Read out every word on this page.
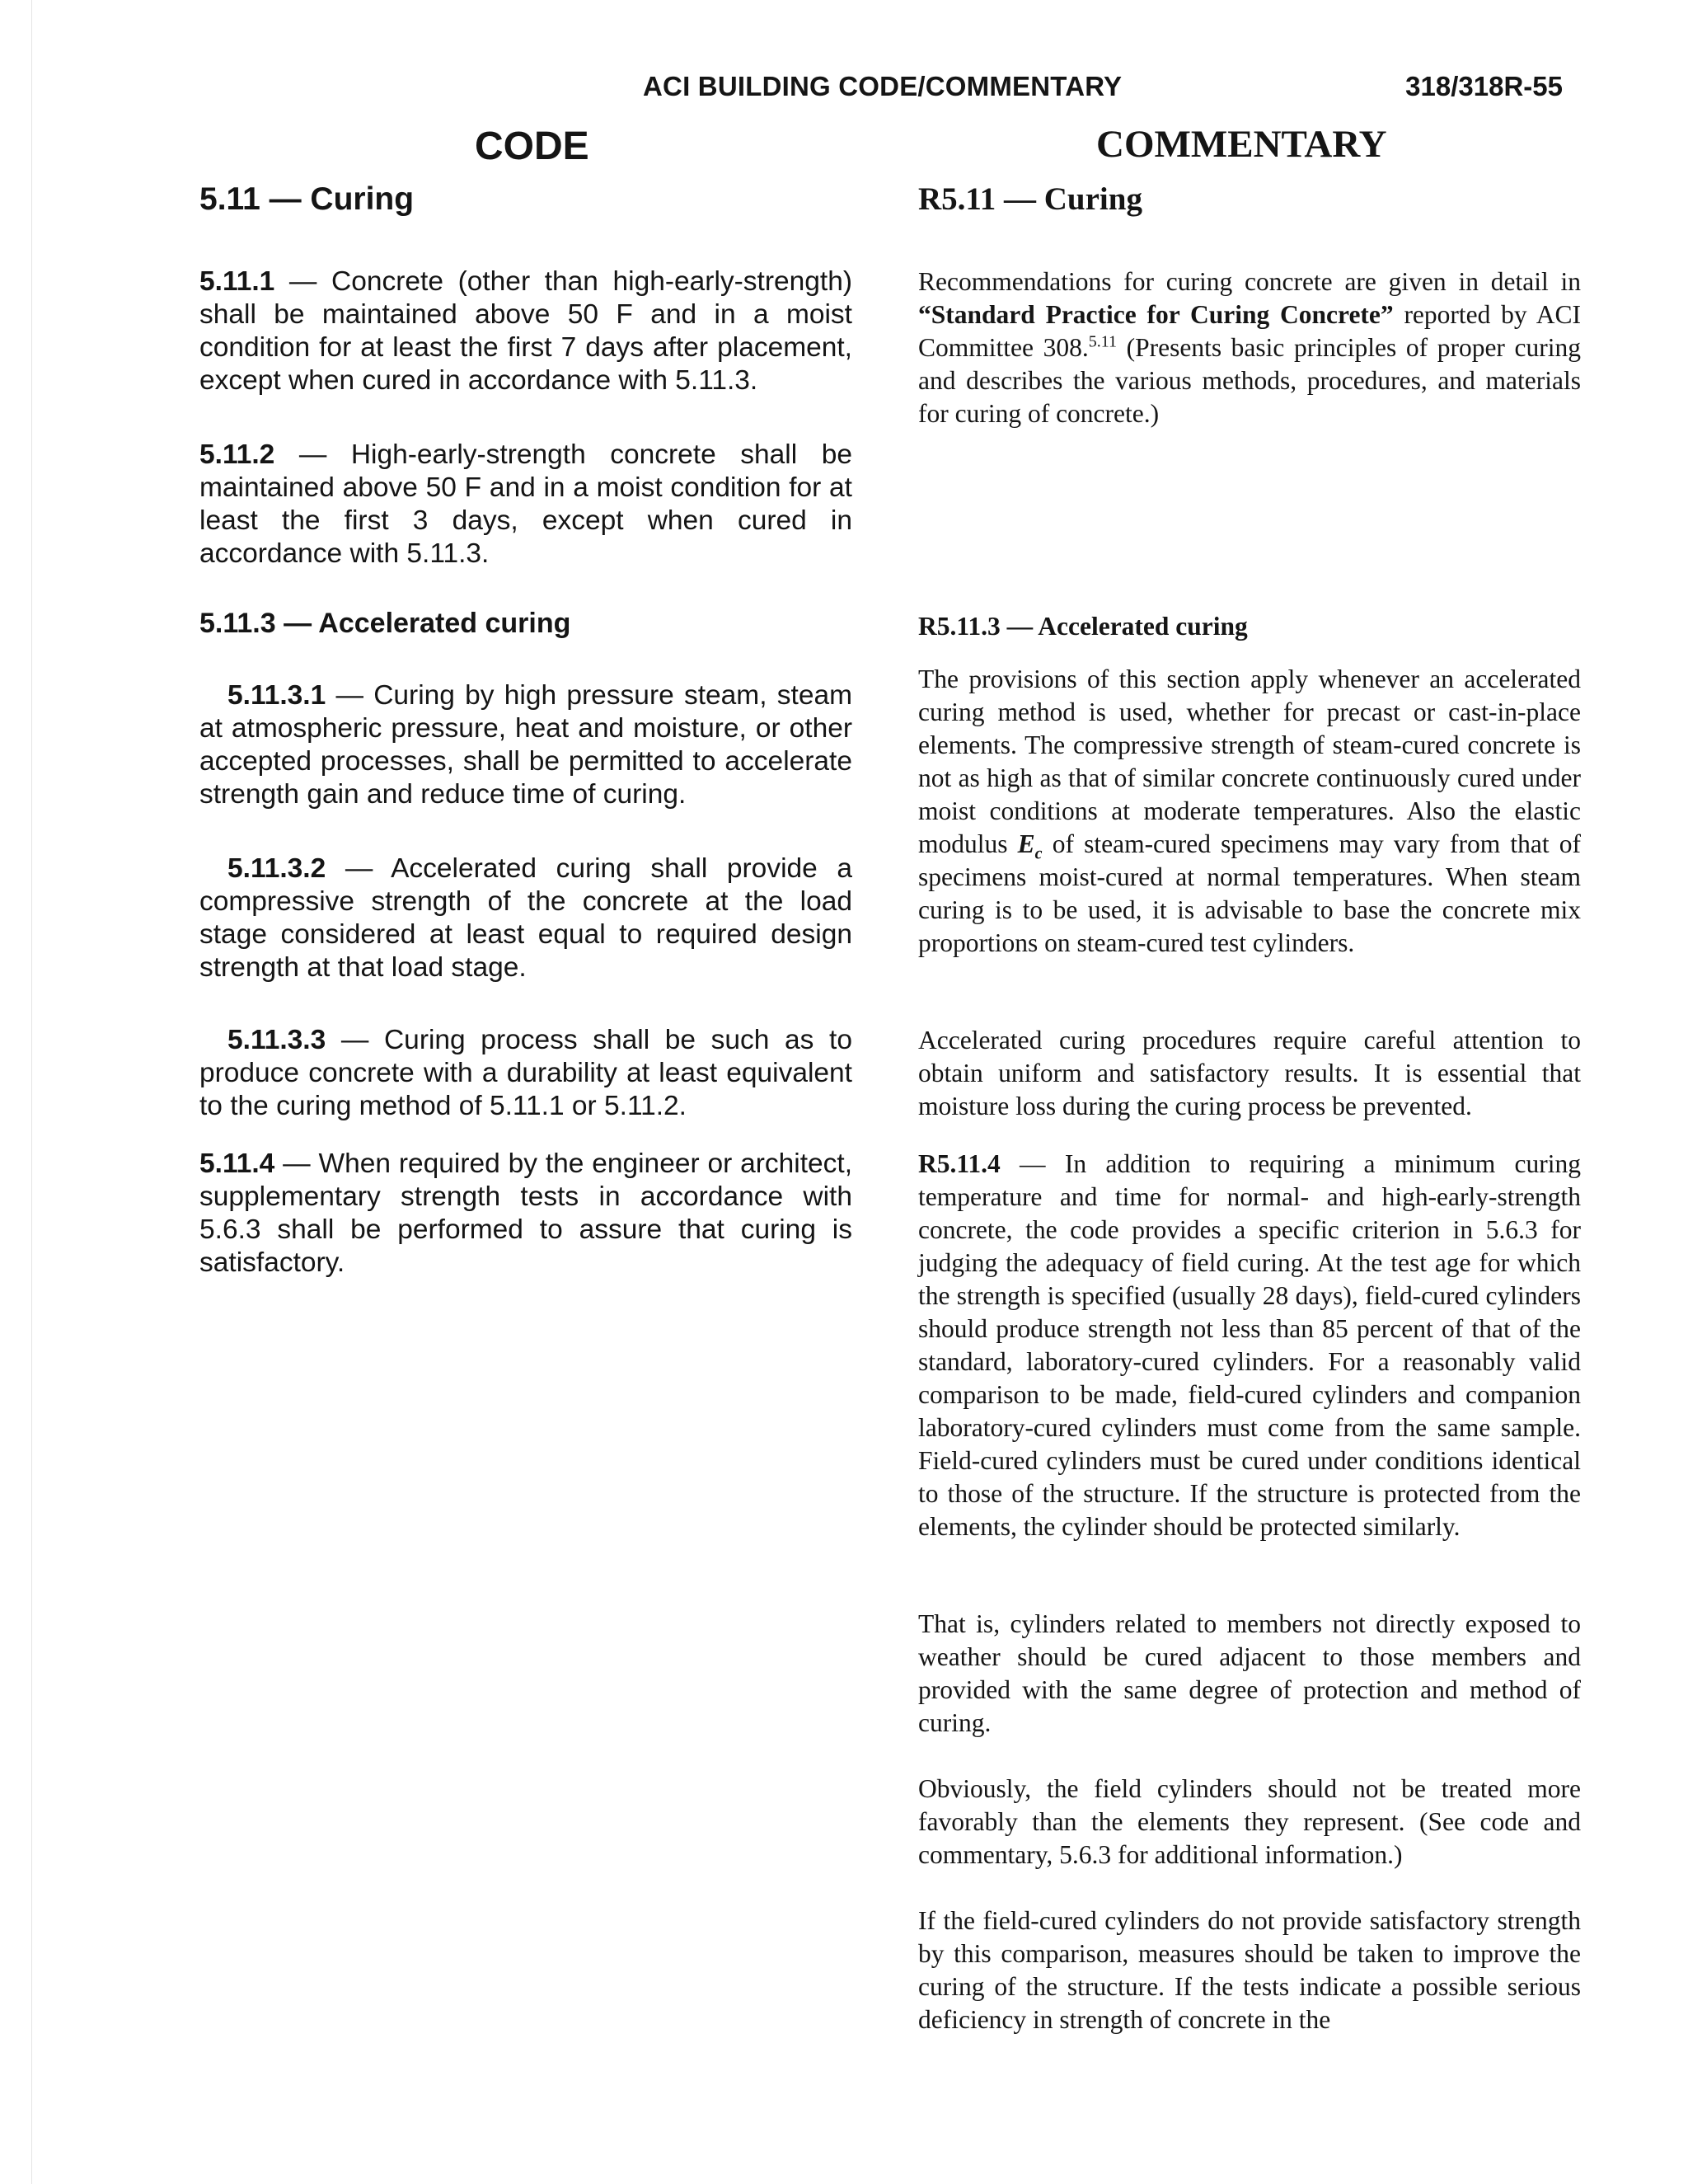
ACI BUILDING CODE/COMMENTARY	318/318R-55
CODE	COMMENTARY
5.11 — Curing

5.11.1 — Concrete (other than high-early-strength) shall be maintained above 50 F and in a moist condition for at least the first 7 days after placement, except when cured in accordance with 5.11.3.

5.11.2 — High-early-strength concrete shall be maintained above 50 F and in a moist condition for at least the first 3 days, except when cured in accordance with 5.11.3.

5.11.3 — Accelerated curing

5.11.3.1 — Curing by high pressure steam, steam at atmospheric pressure, heat and moisture, or other accepted processes, shall be permitted to accelerate strength gain and reduce time of curing.

5.11.3.2 — Accelerated curing shall provide a compressive strength of the concrete at the load stage considered at least equal to required design strength at that load stage.

5.11.3.3 — Curing process shall be such as to produce concrete with a durability at least equivalent to the curing method of 5.11.1 or 5.11.2.

5.11.4 — When required by the engineer or architect, supplementary strength tests in accordance with 5.6.3 shall be performed to assure that curing is satisfactory.

R5.11 — Curing

Recommendations for curing concrete are given in detail in “Standard Practice for Curing Concrete” reported by ACI Committee 308.$^{5.11}$ (Presents basic principles of proper curing and describes the various methods, procedures, and materials for curing of concrete.)

R5.11.3 — Accelerated curing

The provisions of this section apply whenever an accelerated curing method is used, whether for precast or cast-in-place elements. The compressive strength of steam-cured concrete is not as high as that of similar concrete continuously cured under moist conditions at moderate temperatures. Also the elastic modulus $E_c$ of steam-cured specimens may vary from that of specimens moist-cured at normal temperatures. When steam curing is to be used, it is advisable to base the concrete mix proportions on steam-cured test cylinders.

Accelerated curing procedures require careful attention to obtain uniform and satisfactory results. It is essential that moisture loss during the curing process be prevented.

R5.11.4 — In addition to requiring a minimum curing temperature and time for normal- and high-early-strength concrete, the code provides a specific criterion in 5.6.3 for judging the adequacy of field curing. At the test age for which the strength is specified (usually 28 days), field-cured cylinders should produce strength not less than 85 percent of that of the standard, laboratory-cured cylinders. For a reasonably valid comparison to be made, field-cured cylinders and companion laboratory-cured cylinders must come from the same sample. Field-cured cylinders must be cured under conditions identical to those of the structure. If the structure is protected from the elements, the cylinder should be protected similarly.

That is, cylinders related to members not directly exposed to weather should be cured adjacent to those members and provided with the same degree of protection and method of curing.

Obviously, the field cylinders should not be treated more favorably than the elements they represent. (See code and commentary, 5.6.3 for additional information.)

If the field-cured cylinders do not provide satisfactory strength by this comparison, measures should be taken to improve the curing of the structure. If the tests indicate a possible serious deficiency in strength of concrete in the
